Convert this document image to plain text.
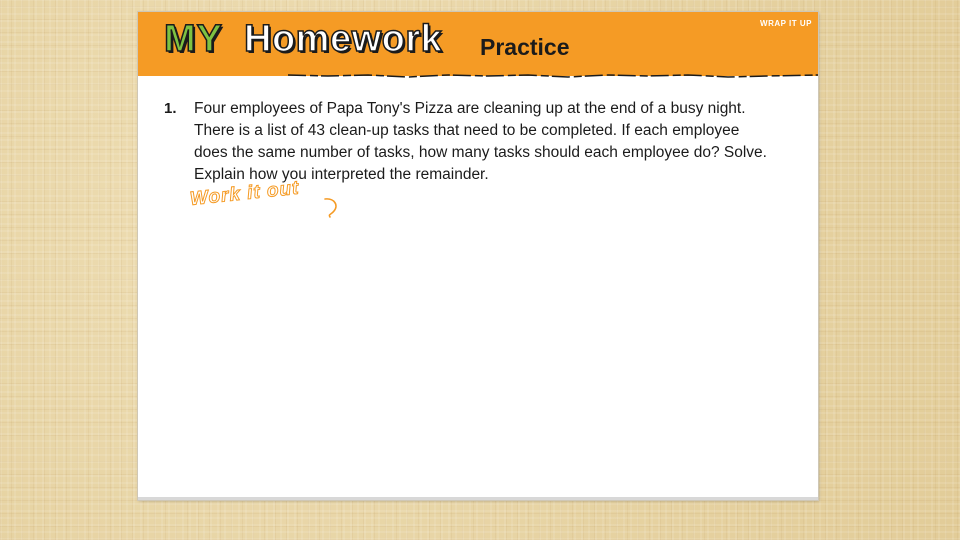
MY Homework Practice
WRAP IT UP
1. Four employees of Papa Tony's Pizza are cleaning up at the end of a busy night.
There is a list of 43 clean-up tasks that need to be completed. If each employee
does the same number of tasks, how many tasks should each employee do? Solve.
Explain how you interpreted the remainder.
Work it out
